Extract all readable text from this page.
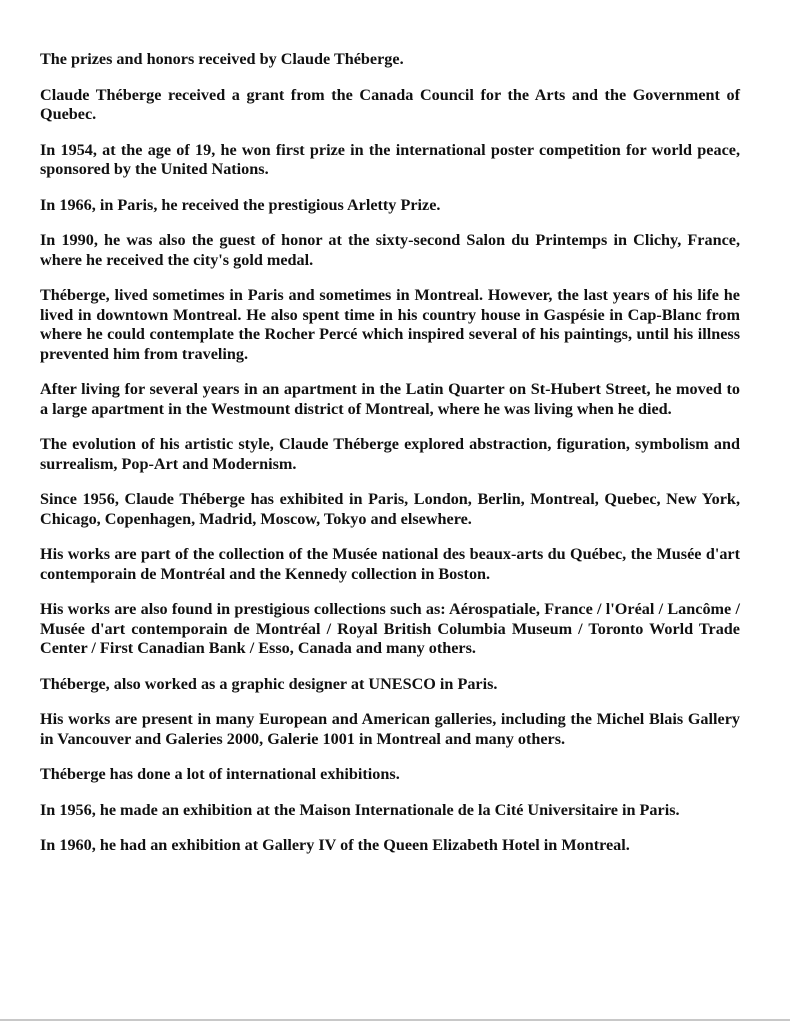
The prizes and honors received by Claude Théberge.

Claude Théberge received a grant from the Canada Council for the Arts and the Government of Quebec.

In 1954, at the age of 19, he won first prize in the international poster competition for world peace, sponsored by the United Nations.

In 1966, in Paris, he received the prestigious Arletty Prize.

In 1990, he was also the guest of honor at the sixty-second Salon du Printemps in Clichy, France, where he received the city's gold medal.

Théberge, lived sometimes in Paris and sometimes in Montreal. However, the last years of his life he lived in downtown Montreal. He also spent time in his country house in Gaspésie in Cap-Blanc from where he could contemplate the Rocher Percé which inspired several of his paintings, until his illness prevented him from traveling.

After living for several years in an apartment in the Latin Quarter on St-Hubert Street, he moved to a large apartment in the Westmount district of Montreal, where he was living when he died.

The evolution of his artistic style, Claude Théberge explored abstraction, figuration, symbolism and surrealism, Pop-Art and Modernism.

Since 1956, Claude Théberge has exhibited in Paris, London, Berlin, Montreal, Quebec, New York, Chicago, Copenhagen, Madrid, Moscow, Tokyo and elsewhere.

His works are part of the collection of the Musée national des beaux-arts du Québec, the Musée d'art contemporain de Montréal and the Kennedy collection in Boston.

His works are also found in prestigious collections such as: Aérospatiale, France / l'Oréal / Lancôme / Musée d'art contemporain de Montréal / Royal British Columbia Museum / Toronto World Trade Center / First Canadian Bank / Esso, Canada and many others.

Théberge, also worked as a graphic designer at UNESCO in Paris.

His works are present in many European and American galleries, including the Michel Blais Gallery in Vancouver and Galeries 2000, Galerie 1001 in Montreal and many others.

Théberge has done a lot of international exhibitions.

In 1956, he made an exhibition at the Maison Internationale de la Cité Universitaire in Paris.

In 1960, he had an exhibition at Gallery IV of the Queen Elizabeth Hotel in Montreal.
